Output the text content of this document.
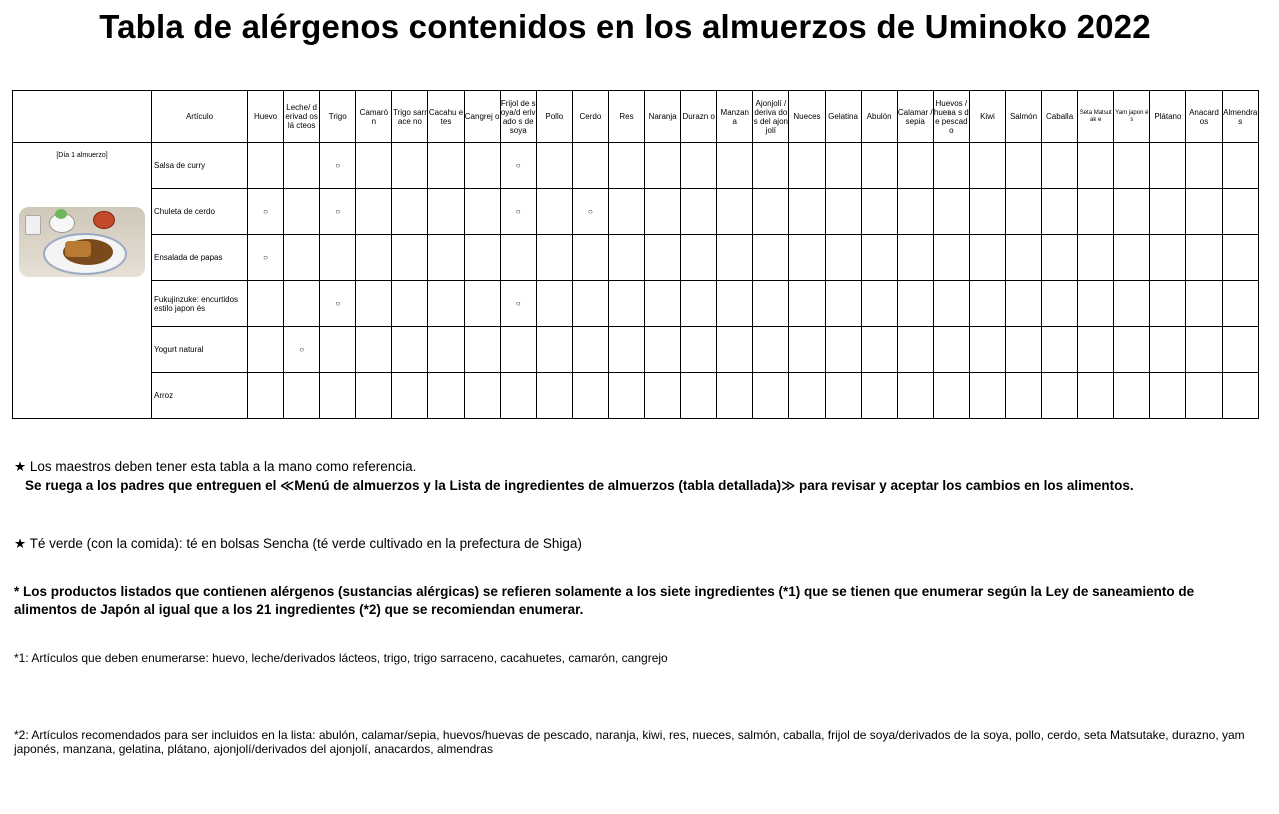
Tabla de alérgenos contenidos en los almuerzos de Uminoko 2022
	Artículo	Huevo	Leche/ derivad os lá cteos	Trigo	Camaró n	Trigo sarrace no	Cacahu etes	Cangrej o	Frijol de soya/d erivado s de soya	Pollo	Cerdo	Res	Naranja	Durazn o	Manzan a	Ajonjolí /deriva dos del ajonjolí	Nueces	Gelatina	Abulón	Calamar /sepia	Huevos /huева s de pescad o	Kiwi	Salmón	Caballa	Seta Matsutak e	Yam japon és	Plátano	Anacard os	Almendras

[Día 1 almuerzo]	Salsa de curry			○					○																				
	Chuleta de cerdo	○		○					○		○																		
	Ensalada de papas	○																											
	Fukujinzuke: encurtidos estilo japon és			○					○																				
	Yogurt natural		○																										
	Arroz																												
★ Los maestros deben tener esta tabla a la mano como referencia.
Se ruega a los padres que entreguen el ≪Menú de almuerzos y la Lista de ingredientes de almuerzos (tabla detallada)≫ para revisar y aceptar los cambios en los alimentos.
★ Té verde (con la comida): té en bolsas Sencha (té verde cultivado en la prefectura de Shiga)
* Los productos listados que contienen alérgenos (sustancias alérgicas) se refieren solamente a los siete ingredientes (*1) que se tienen que enumerar según la Ley de saneamiento de alimentos de Japón al igual que a los 21 ingredientes (*2) que se recomiendan enumerar.
*1: Artículos que deben enumerarse: huevo, leche/derivados lácteos, trigo, trigo sarraceno, cacahuetes, camarón, cangrejo
*2: Artículos recomendados para ser incluidos en la lista: abulón, calamar/sepia, huevos/huevas de pescado, naranja, kiwi, res, nueces, salmón, caballa, frijol de soya/derivados de la soya, pollo, cerdo, seta Matsutake, durazno, yam japonés, manzana, gelatina, plátano, ajonjolí/derivados del ajonjolí, anacardos, almendras
